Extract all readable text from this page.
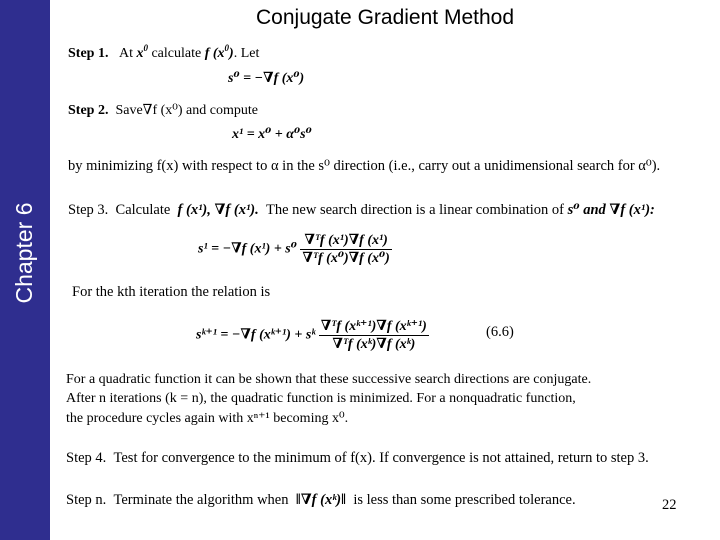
Chapter 6
Conjugate Gradient Method
Step 1. At $x^0$ calculate f $(x^0)$. Let
s⁰ = −∇f (x⁰)
Step 2. Save∇f (x⁰) and compute
x¹ = x⁰ + α⁰s⁰
by minimizing f(x) with respect to α in the s⁰ direction (i.e., carry out a unidimensional search for α⁰).
Step 3. Calculate f (x¹), ∇f (x¹). The new search direction is a linear combination of s⁰ and ∇f (x¹):
s¹ = −∇f $(x^1) + s^0 \frac{\text{∇ᵀf (x¹)∇f (x¹)}}{\text{∇ᵀf (x⁰)∇f (x⁰)}}$
For the kth iteration the relation is
sᵏ⁺¹ = −∇f (xᵏ⁺¹) + sᵏ $\frac{\text{∇ᵀf (xᵏ⁺¹)∇f (xᵏ⁺¹)}}{\text{∇ᵀf (xᵏ)∇f (xᵏ)}}$	(6.6)
For a quadratic function it can be shown that these successive search directions are conjugate.
After n iterations (k = n), the quadratic function is minimized. For a nonquadratic function,
the procedure cycles again with xⁿ⁺¹ becoming x⁰.
Step 4. Test for convergence to the minimum of f(x). If convergence is not attained, return to step 3.
Step n. Terminate the algorithm when ‖∇f (xᵏ)‖ is less than some prescribed tolerance.	22
